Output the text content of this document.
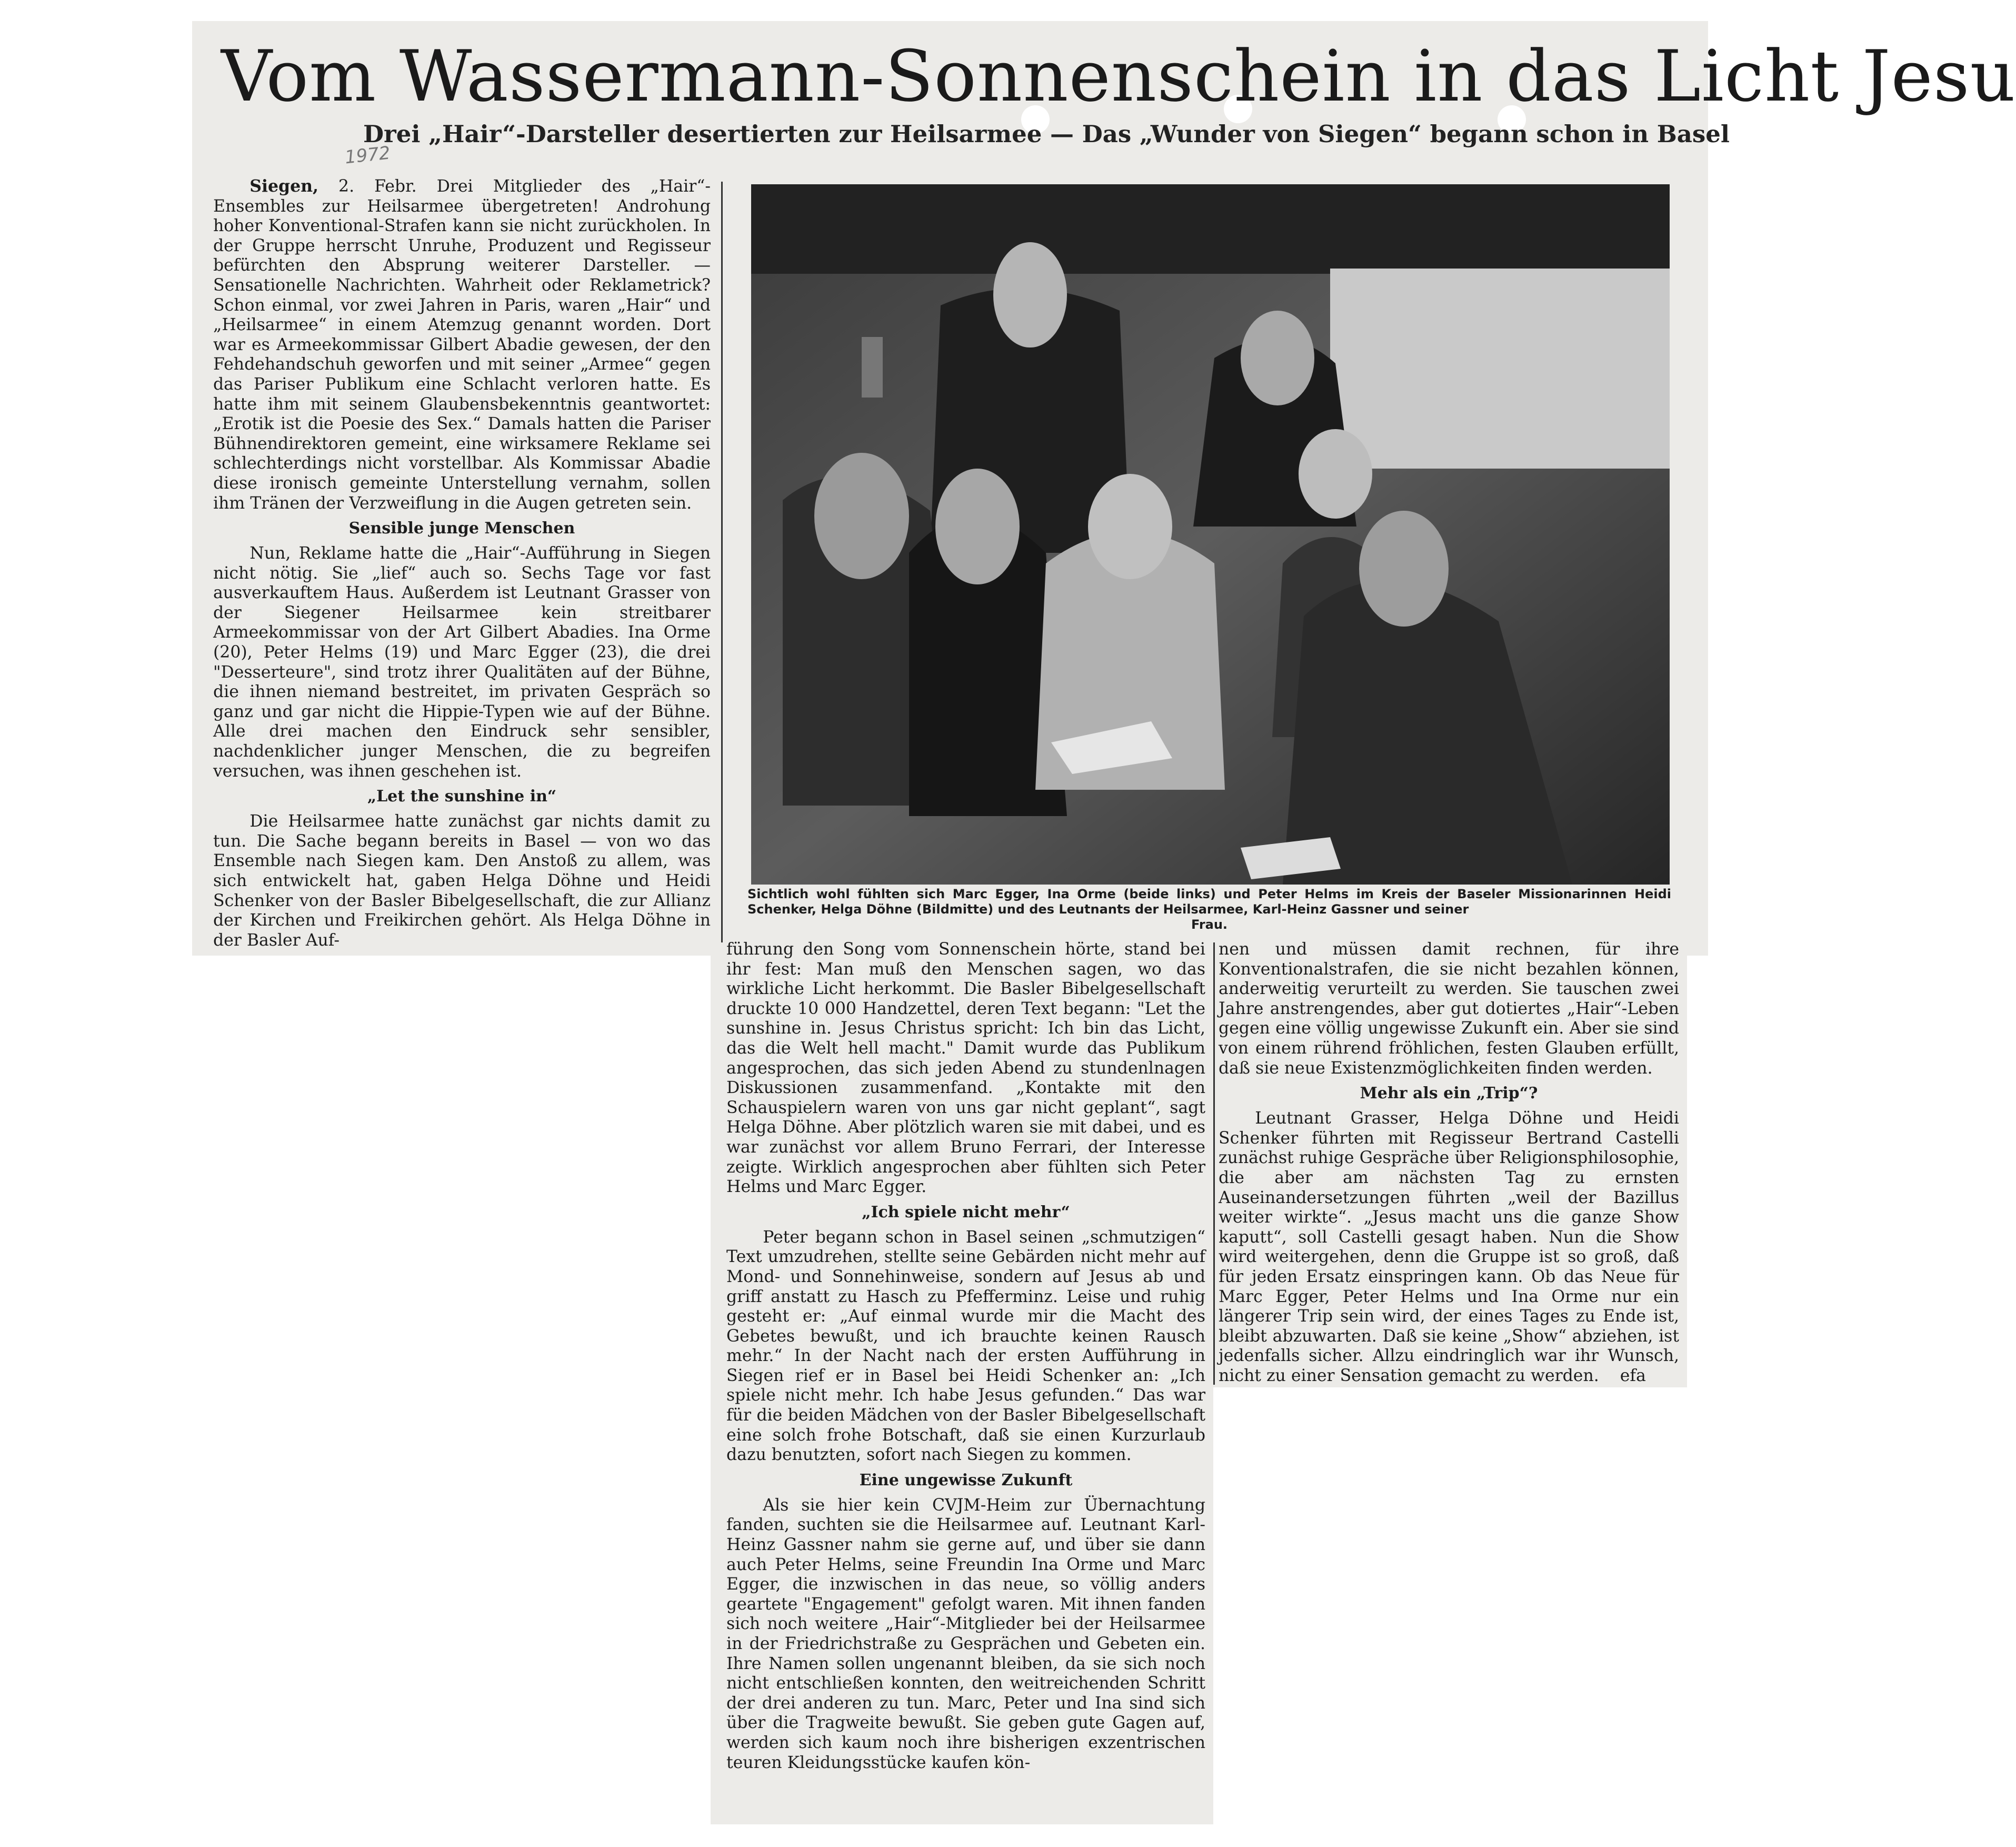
Vom Wassermann-Sonnenschein in das Licht Jesu
Drei „Hair“-Darsteller desertierten zur Heilsarmee — Das „Wunder von Siegen“ begann schon in Basel
1972

Siegen, 2. Febr. Drei Mitglieder des „Hair“-Ensembles zur Heilsarmee übergetreten! Androhung hoher Konventional-Strafen kann sie nicht zurückholen. In der Gruppe herrscht Unruhe, Produzent und Regisseur befürchten den Absprung weiterer Darsteller. — Sensationelle Nachrichten. Wahrheit oder Reklametrick? Schon einmal, vor zwei Jahren in Paris, waren „Hair“ und „Heilsarmee“ in einem Atemzug genannt worden. Dort war es Armeekommissar Gilbert Abadie gewesen, der den Fehdehandschuh geworfen und mit seiner „Armee“ gegen das Pariser Publikum eine Schlacht verloren hatte. Es hatte ihm mit seinem Glaubensbekenntnis geantwortet: „Erotik ist die Poesie des Sex.“ Damals hatten die Pariser Bühnendirektoren gemeint, eine wirksamere Reklame sei schlechterdings nicht vorstellbar. Als Kommissar Abadie diese ironisch gemeinte Unterstellung vernahm, sollen ihm Tränen der Verzweiflung in die Augen getreten sein.

Sensible junge Menschen

Nun, Reklame hatte die „Hair“-Aufführung in Siegen nicht nötig. Sie „lief“ auch so. Sechs Tage vor fast ausverkauftem Haus. Außerdem ist Leutnant Grasser von der Siegener Heilsarmee kein streitbarer Armeekommissar von der Art Gilbert Abadies. Ina Orme (20), Peter Helms (19) und Marc Egger (23), die drei "Desserteure", sind trotz ihrer Qualitäten auf der Bühne, die ihnen niemand bestreitet, im privaten Gespräch so ganz und gar nicht die Hippie-Typen wie auf der Bühne. Alle drei machen den Eindruck sehr sensibler, nachdenklicher junger Menschen, die zu begreifen versuchen, was ihnen geschehen ist.

„Let the sunshine in“

Die Heilsarmee hatte zunächst gar nichts damit zu tun. Die Sache begann bereits in Basel — von wo das Ensemble nach Siegen kam. Den Anstoß zu allem, was sich entwickelt hat, gaben Helga Döhne und Heidi Schenker von der Basler Bibelgesellschaft, die zur Allianz der Kirchen und Freikirchen gehört. Als Helga Döhne in der Basler Auf-

Sichtlich wohl fühlten sich Marc Egger, Ina Orme (beide links) und Peter Helms im Kreis der Baseler Missionarinnen Heidi Schenker, Helga Döhne (Bildmitte) und des Leutnants der Heilsarmee, Karl-Heinz Gassner und seiner
Frau.

führung den Song vom Sonnenschein hörte, stand bei ihr fest: Man muß den Menschen sagen, wo das wirkliche Licht herkommt. Die Basler Bibelgesellschaft druckte 10 000 Handzettel, deren Text begann: "Let the sunshine in. Jesus Christus spricht: Ich bin das Licht, das die Welt hell macht." Damit wurde das Publikum angesprochen, das sich jeden Abend zu stundenlnagen Diskussionen zusammenfand. „Kontakte mit den Schauspielern waren von uns gar nicht geplant“, sagt Helga Döhne. Aber plötzlich waren sie mit dabei, und es war zunächst vor allem Bruno Ferrari, der Interesse zeigte. Wirklich angesprochen aber fühlten sich Peter Helms und Marc Egger.

„Ich spiele nicht mehr“

Peter begann schon in Basel seinen „schmutzigen“ Text umzudrehen, stellte seine Gebärden nicht mehr auf Mond- und Sonnehinweise, sondern auf Jesus ab und griff anstatt zu Hasch zu Pfefferminz. Leise und ruhig gesteht er: „Auf einmal wurde mir die Macht des Gebetes bewußt, und ich brauchte keinen Rausch mehr.“ In der Nacht nach der ersten Aufführung in Siegen rief er in Basel bei Heidi Schenker an: „Ich spiele nicht mehr. Ich habe Jesus gefunden.“ Das war für die beiden Mädchen von der Basler Bibelgesellschaft eine solch frohe Botschaft, daß sie einen Kurzurlaub dazu benutzten, sofort nach Siegen zu kommen.

Eine ungewisse Zukunft

Als sie hier kein CVJM-Heim zur Übernachtung fanden, suchten sie die Heilsarmee auf. Leutnant Karl-Heinz Gassner nahm sie gerne auf, und über sie dann auch Peter Helms, seine Freundin Ina Orme und Marc Egger, die inzwischen in das neue, so völlig anders geartete "Engagement" gefolgt waren. Mit ihnen fanden sich noch weitere „Hair“-Mitglieder bei der Heilsarmee in der Friedrichstraße zu Gesprächen und Gebeten ein. Ihre Namen sollen ungenannt bleiben, da sie sich noch nicht entschließen konnten, den weitreichenden Schritt der drei anderen zu tun. Marc, Peter und Ina sind sich über die Tragweite bewußt. Sie geben gute Gagen auf, werden sich kaum noch ihre bisherigen exzentrischen teuren Kleidungsstücke kaufen kön-

nen und müssen damit rechnen, für ihre Konventionalstrafen, die sie nicht bezahlen können, anderweitig verurteilt zu werden. Sie tauschen zwei Jahre anstrengendes, aber gut dotiertes „Hair“-Leben gegen eine völlig ungewisse Zukunft ein. Aber sie sind von einem rührend fröhlichen, festen Glauben erfüllt, daß sie neue Existenzmöglichkeiten finden werden.

Mehr als ein „Trip“?

Leutnant Grasser, Helga Döhne und Heidi Schenker führten mit Regisseur Bertrand Castelli zunächst ruhige Gespräche über Religionsphilosophie, die aber am nächsten Tag zu ernsten Auseinandersetzungen führten „weil der Bazillus weiter wirkte“. „Jesus macht uns die ganze Show kaputt“, soll Castelli gesagt haben. Nun die Show wird weitergehen, denn die Gruppe ist so groß, daß für jeden Ersatz einspringen kann. Ob das Neue für Marc Egger, Peter Helms und Ina Orme nur ein längerer Trip sein wird, der eines Tages zu Ende ist, bleibt abzuwarten. Daß sie keine „Show“ abziehen, ist jedenfalls sicher. Allzu eindringlich war ihr Wunsch, nicht zu einer Sensation gemacht zu werden. efa
